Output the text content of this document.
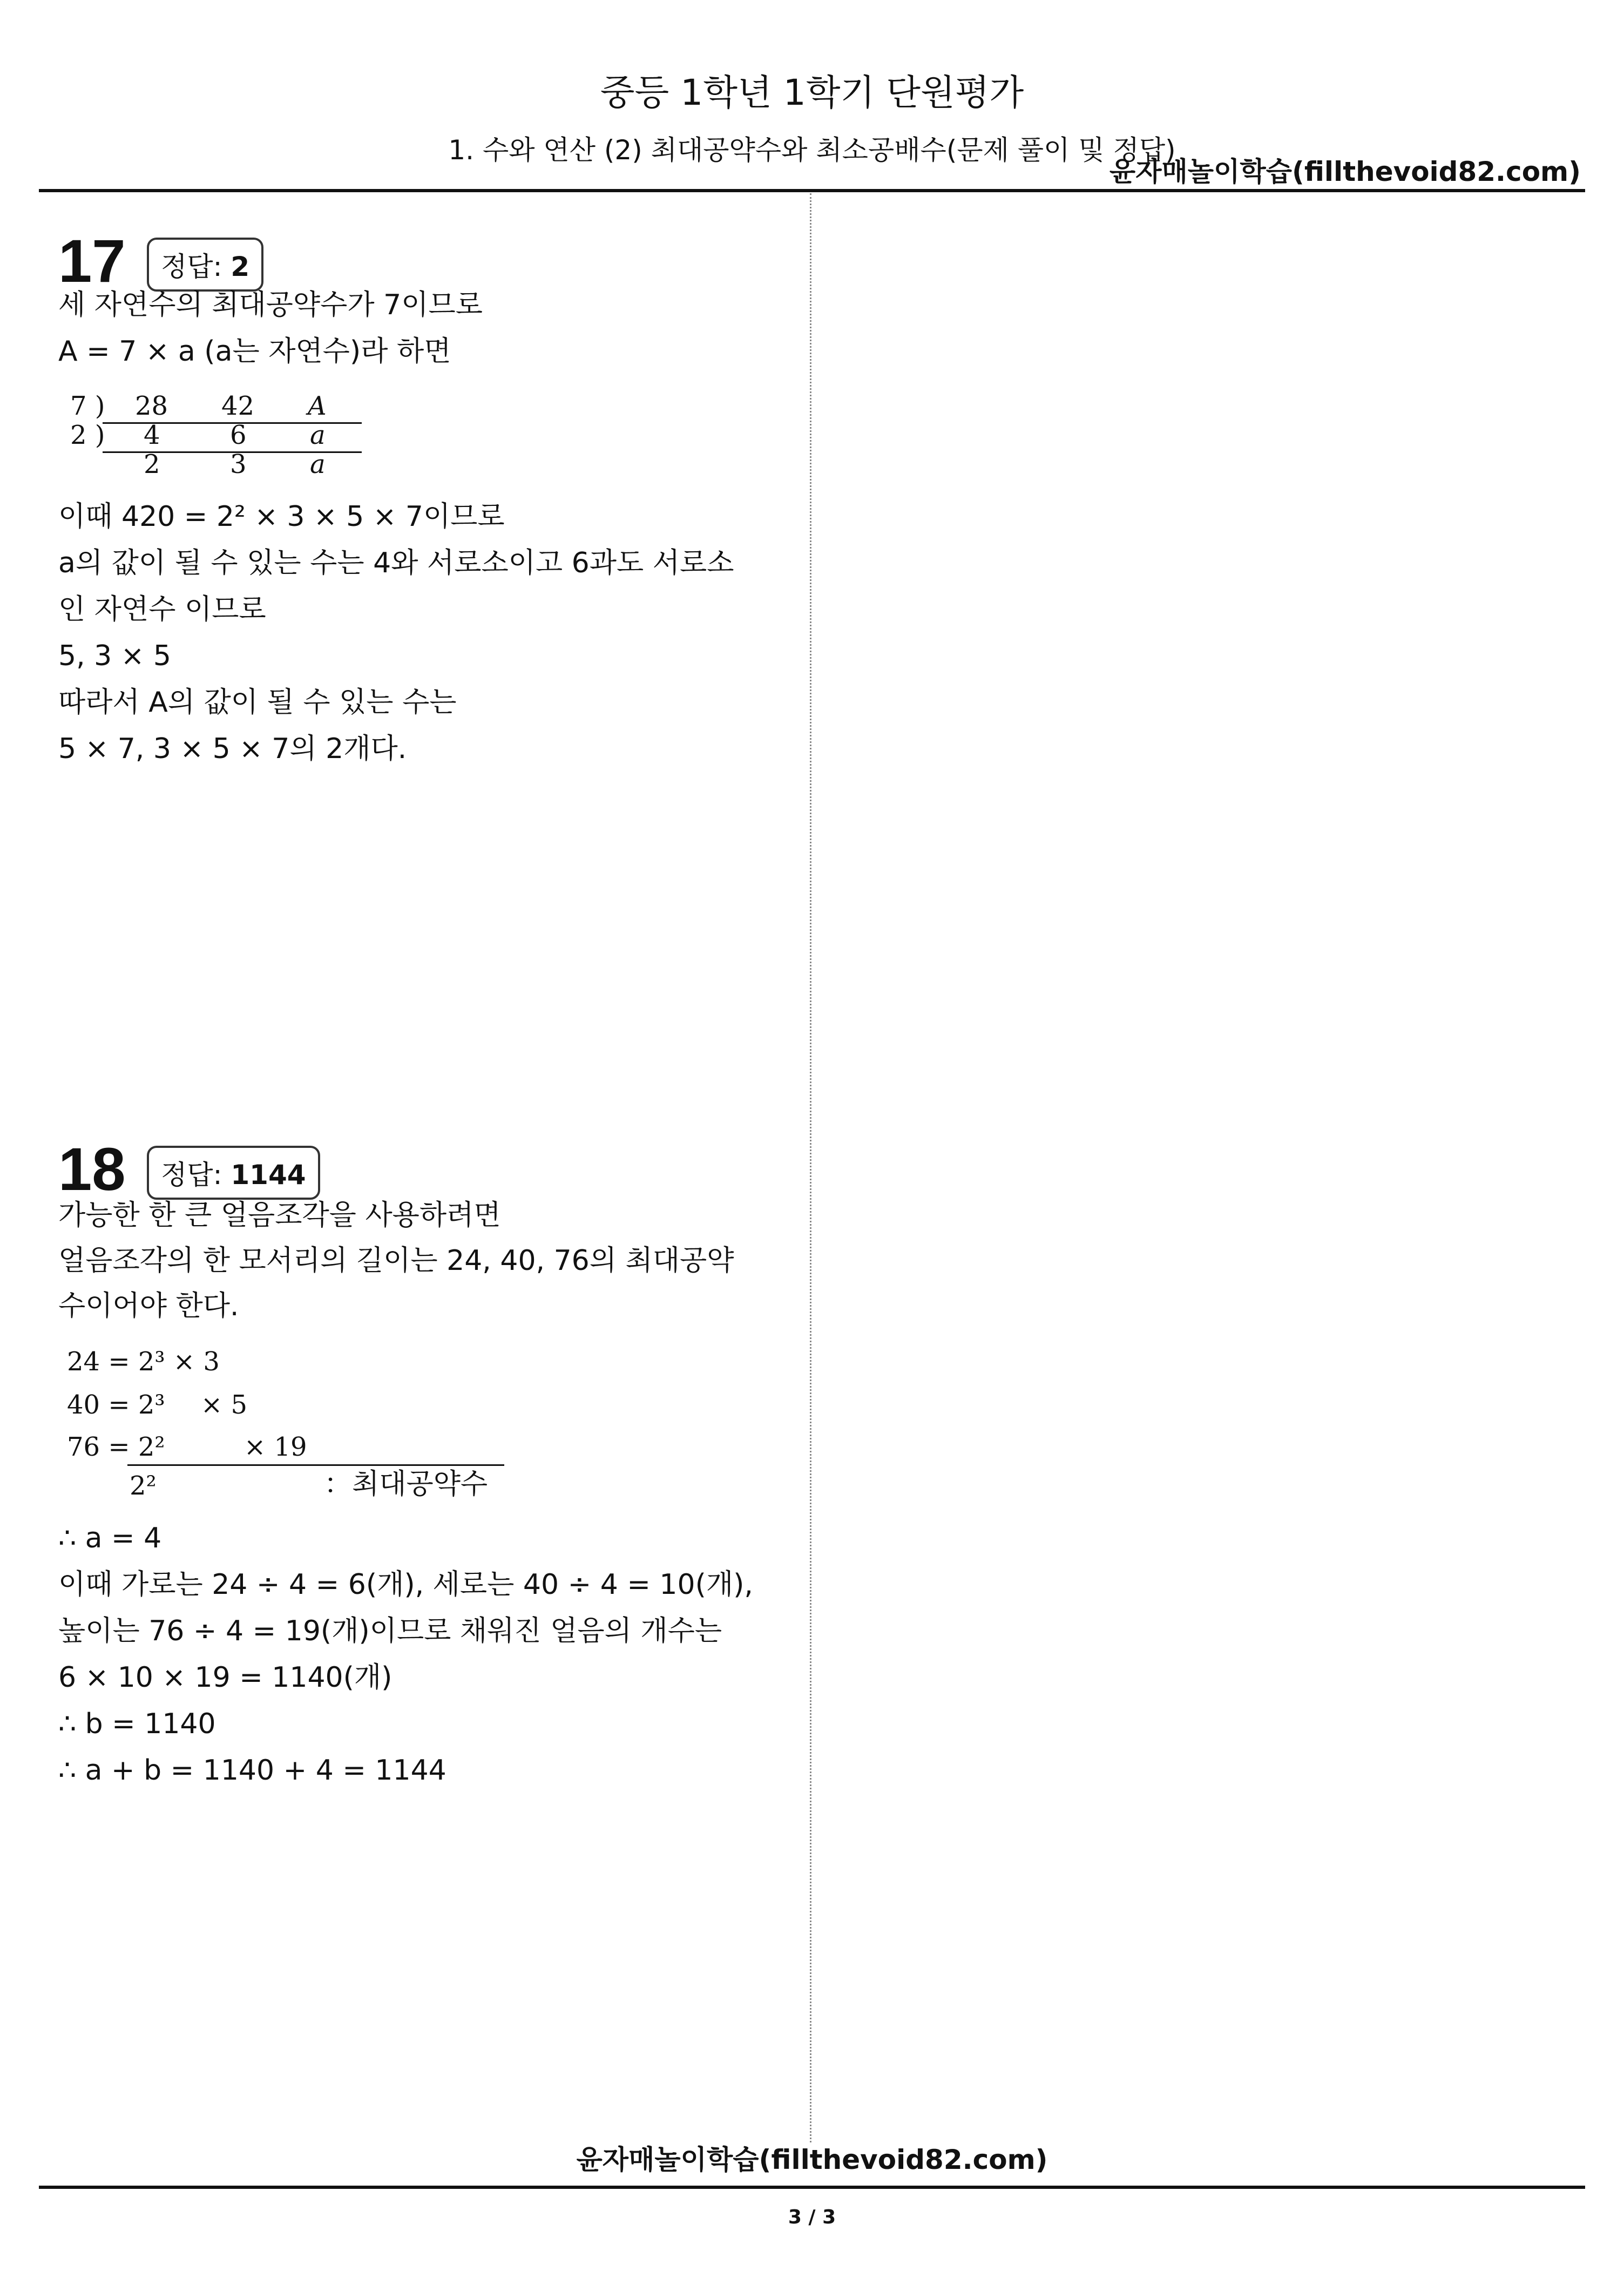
중등 1학년 1학기 단원평가
1. 수와 연산 (2) 최대공약수와 최소공배수(문제 풀이 및 정답)
윤자매놀이학습(fillthevoid82.com)
17	정답: 2
세 자연수의 최대공약수가 7이므로
A = 7 × a (a는 자연수)라 하면
7 ) 28 42 A
2 ) 4	6 a
2	3 a
이때 420 = 2² × 3 × 5 × 7이므로
a의 값이 될 수 있는 수는 4와 서로소이고 6과도 서로소
인 자연수 이므로
5, 3 × 5
따라서 A의 값이 될 수 있는 수는
5 × 7, 3 × 5 × 7의 2개다.
18	정답: 1144
가능한 한 큰 얼음조각을 사용하려면
얼음조각의 한 모서리의 길이는 24, 40, 76의 최대공약
수이어야 한다.
24 = 2³ × 3
40 = 2³ × 5
76 = 2²	× 19
2²	：최대공약수
∴ a = 4
이때 가로는 24 ÷ 4 = 6(개), 세로는 40 ÷ 4 = 10(개),
높이는 76 ÷ 4 = 19(개)이므로 채워진 얼음의 개수는
6 × 10 × 19 = 1140(개)
∴ b = 1140
∴ a + b = 1140 + 4 = 1144
윤자매놀이학습(fillthevoid82.com)
3 / 3
